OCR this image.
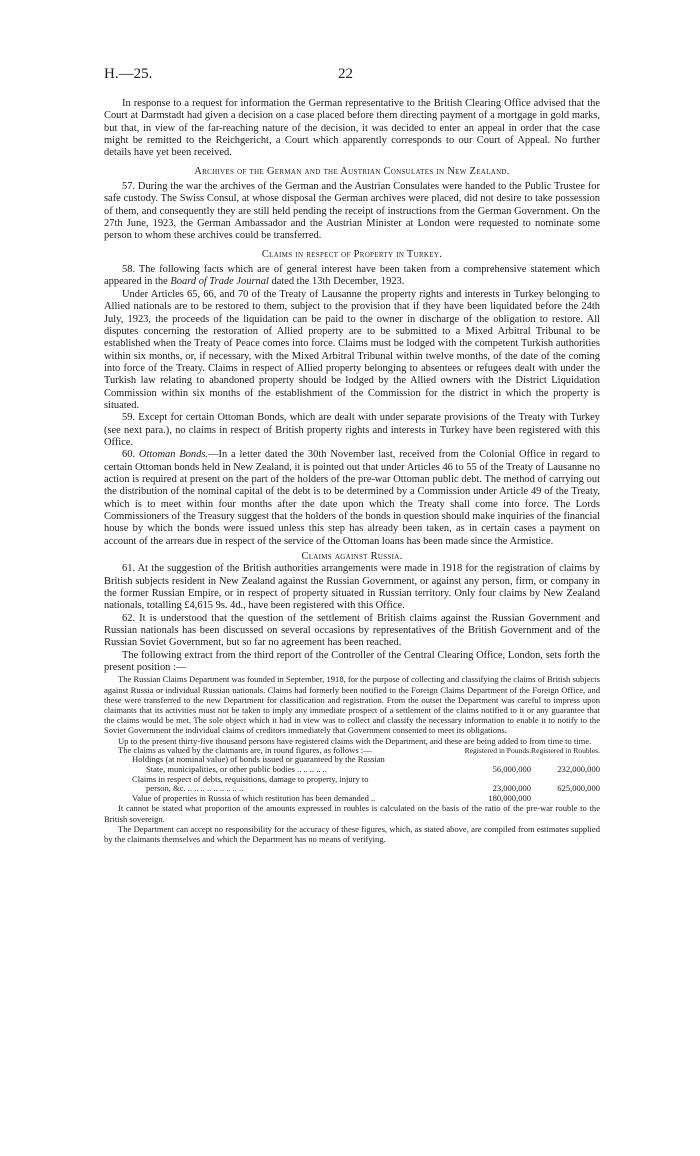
H.—25.	22

In response to a request for information the German representative to the British Clearing Office advised that the Court at Darmstadt had given a decision on a case placed before them directing payment of a mortgage in gold marks, but that, in view of the far-reaching nature of the decision, it was decided to enter an appeal in order that the case might be remitted to the Reichgericht, a Court which apparently corresponds to our Court of Appeal. No further details have yet been received.

Archives of the German and the Austrian Consulates in New Zealand.

57. During the war the archives of the German and the Austrian Consulates were handed to the Public Trustee for safe custody. The Swiss Consul, at whose disposal the German archives were placed, did not desire to take possession of them, and consequently they are still held pending the receipt of instructions from the German Government. On the 27th June, 1923, the German Ambassador and the Austrian Minister at London were requested to nominate some person to whom these archives could be transferred.

Claims in respect of Property in Turkey.

58. The following facts which are of general interest have been taken from a comprehensive statement which appeared in the Board of Trade Journal dated the 13th December, 1923.

Under Articles 65, 66, and 70 of the Treaty of Lausanne the property rights and interests in Turkey belonging to Allied nationals are to be restored to them, subject to the provision that if they have been liquidated before the 24th July, 1923, the proceeds of the liquidation can be paid to the owner in discharge of the obligation to restore. All disputes concerning the restoration of Allied property are to be submitted to a Mixed Arbitral Tribunal to be established when the Treaty of Peace comes into force. Claims must be lodged with the competent Turkish authorities within six months, or, if necessary, with the Mixed Arbitral Tribunal within twelve months, of the date of the coming into force of the Treaty. Claims in respect of Allied property belonging to absentees or refugees dealt with under the Turkish law relating to abandoned property should be lodged by the Allied owners with the District Liquidation Commission within six months of the establishment of the Commission for the district in which the property is situated.

59. Except for certain Ottoman Bonds, which are dealt with under separate provisions of the Treaty with Turkey (see next para.), no claims in respect of British property rights and interests in Turkey have been registered with this Office.

60. Ottoman Bonds.—In a letter dated the 30th November last, received from the Colonial Office in regard to certain Ottoman bonds held in New Zealand, it is pointed out that under Articles 46 to 55 of the Treaty of Lausanne no action is required at present on the part of the holders of the pre-war Ottoman public debt. The method of carrying out the distribution of the nominal capital of the debt is to be determined by a Commission under Article 49 of the Treaty, which is to meet within four months after the date upon which the Treaty shall come into force. The Lords Commissioners of the Treasury suggest that the holders of the bonds in question should make inquiries of the financial house by which the bonds were issued unless this step has already been taken, as in certain cases a payment on account of the arrears due in respect of the service of the Ottoman loans has been made since the Armistice.

Claims against Russia.

61. At the suggestion of the British authorities arrangements were made in 1918 for the registration of claims by British subjects resident in New Zealand against the Russian Government, or against any person, firm, or company in the former Russian Empire, or in respect of property situated in Russian territory. Only four claims by New Zealand nationals, totalling £4,615 9s. 4d., have been registered with this Office.

62. It is understood that the question of the settlement of British claims against the Russian Government and Russian nationals has been discussed on several occasions by representatives of the British Government and of the Russian Soviet Government, but so far no agreement has been reached.

The following extract from the third report of the Controller of the Central Clearing Office, London, sets forth the present position :—

The Russian Claims Department was founded in September, 1918, for the purpose of collecting and classifying the claims of British subjects against Russia or individual Russian nationals. Claims had formerly been notified to the Foreign Claims Department of the Foreign Office, and these were transferred to the new Department for classification and registration. From the outset the Department was careful to impress upon claimants that its activities must not be taken to imply any immediate prospect of a settlement of the claims notified to it or any guarantee that the claims would be met. The sole object which it had in view was to collect and classify the necessary information to enable it to notify to the Soviet Government the individual claims of creditors immediately that Government consented to meet its obligations.

Up to the present thirty-five thousand persons have registered claims with the Department, and these are being added to from time to time.

The claims as valued by the claimants are, in round figures, as follows :—	Registered in Pounds.	Registered in Roubles.
Holdings (at nominal value) of bonds issued or guaranteed by the Russian		
State, municipalities, or other public bodies .. .. .. .. ..	56,000,000	232,000,000
Claims in respect of debts, requisitions, damage to property, injury to		
person, &c. .. .. .. .. .. .. .. .. ..	23,000,000	625,000,000
Value of properties in Russia of which restitution has been demanded ..	180,000,000	

It cannot be stated what proportion of the amounts expressed in roubles is calculated on the basis of the ratio of the pre-war rouble to the British sovereign.

The Department can accept no responsibility for the accuracy of these figures, which, as stated above, are compiled from estimates supplied by the claimants themselves and which the Department has no means of verifying.
